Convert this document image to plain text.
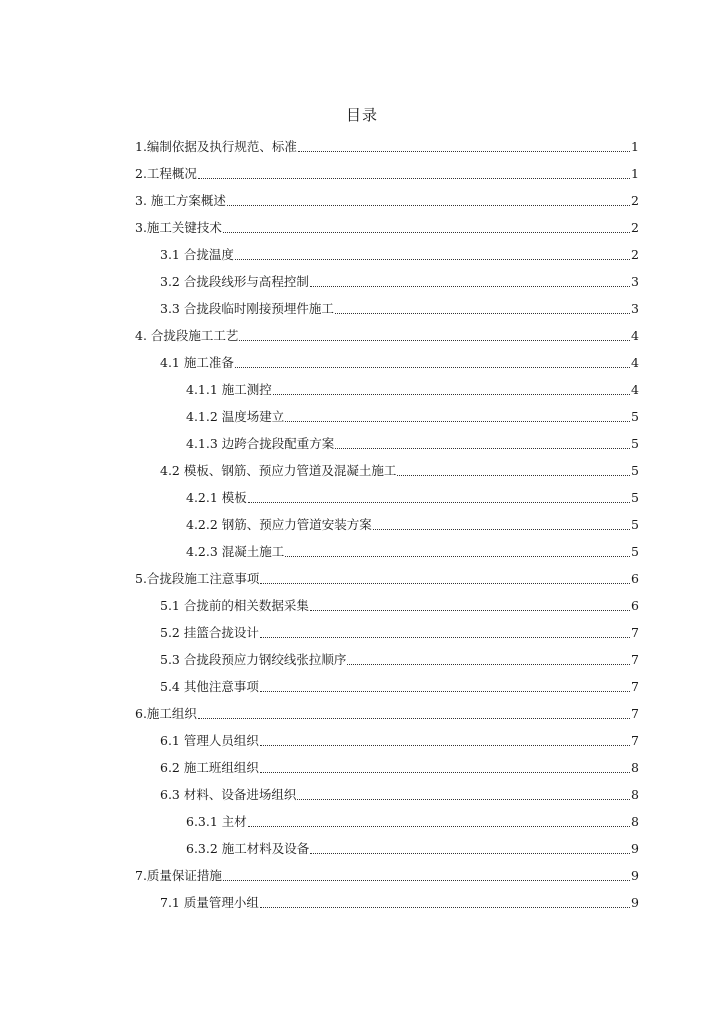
目录
1.编制依据及执行规范、标准	1
2.工程概况	1
3. 施工方案概述	2
3.施工关键技术	2
3.1 合拢温度	2
3.2 合拢段线形与高程控制	3
3.3 合拢段临时刚接预埋件施工	3
4. 合拢段施工工艺	4
4.1 施工准备	4
4.1.1 施工测控	4
4.1.2 温度场建立	5
4.1.3 边跨合拢段配重方案	5
4.2 模板、钢筋、预应力管道及混凝土施工	5
4.2.1 模板	5
4.2.2 钢筋、预应力管道安装方案	5
4.2.3 混凝土施工	5
5.合拢段施工注意事项	6
5.1 合拢前的相关数据采集	6
5.2 挂篮合拢设计	7
5.3 合拢段预应力钢绞线张拉顺序	7
5.4 其他注意事项	7
6.施工组织	7
6.1 管理人员组织	7
6.2 施工班组组织	8
6.3 材料、设备进场组织	8
6.3.1 主材	8
6.3.2 施工材料及设备	9
7.质量保证措施	9
7.1 质量管理小组	9
